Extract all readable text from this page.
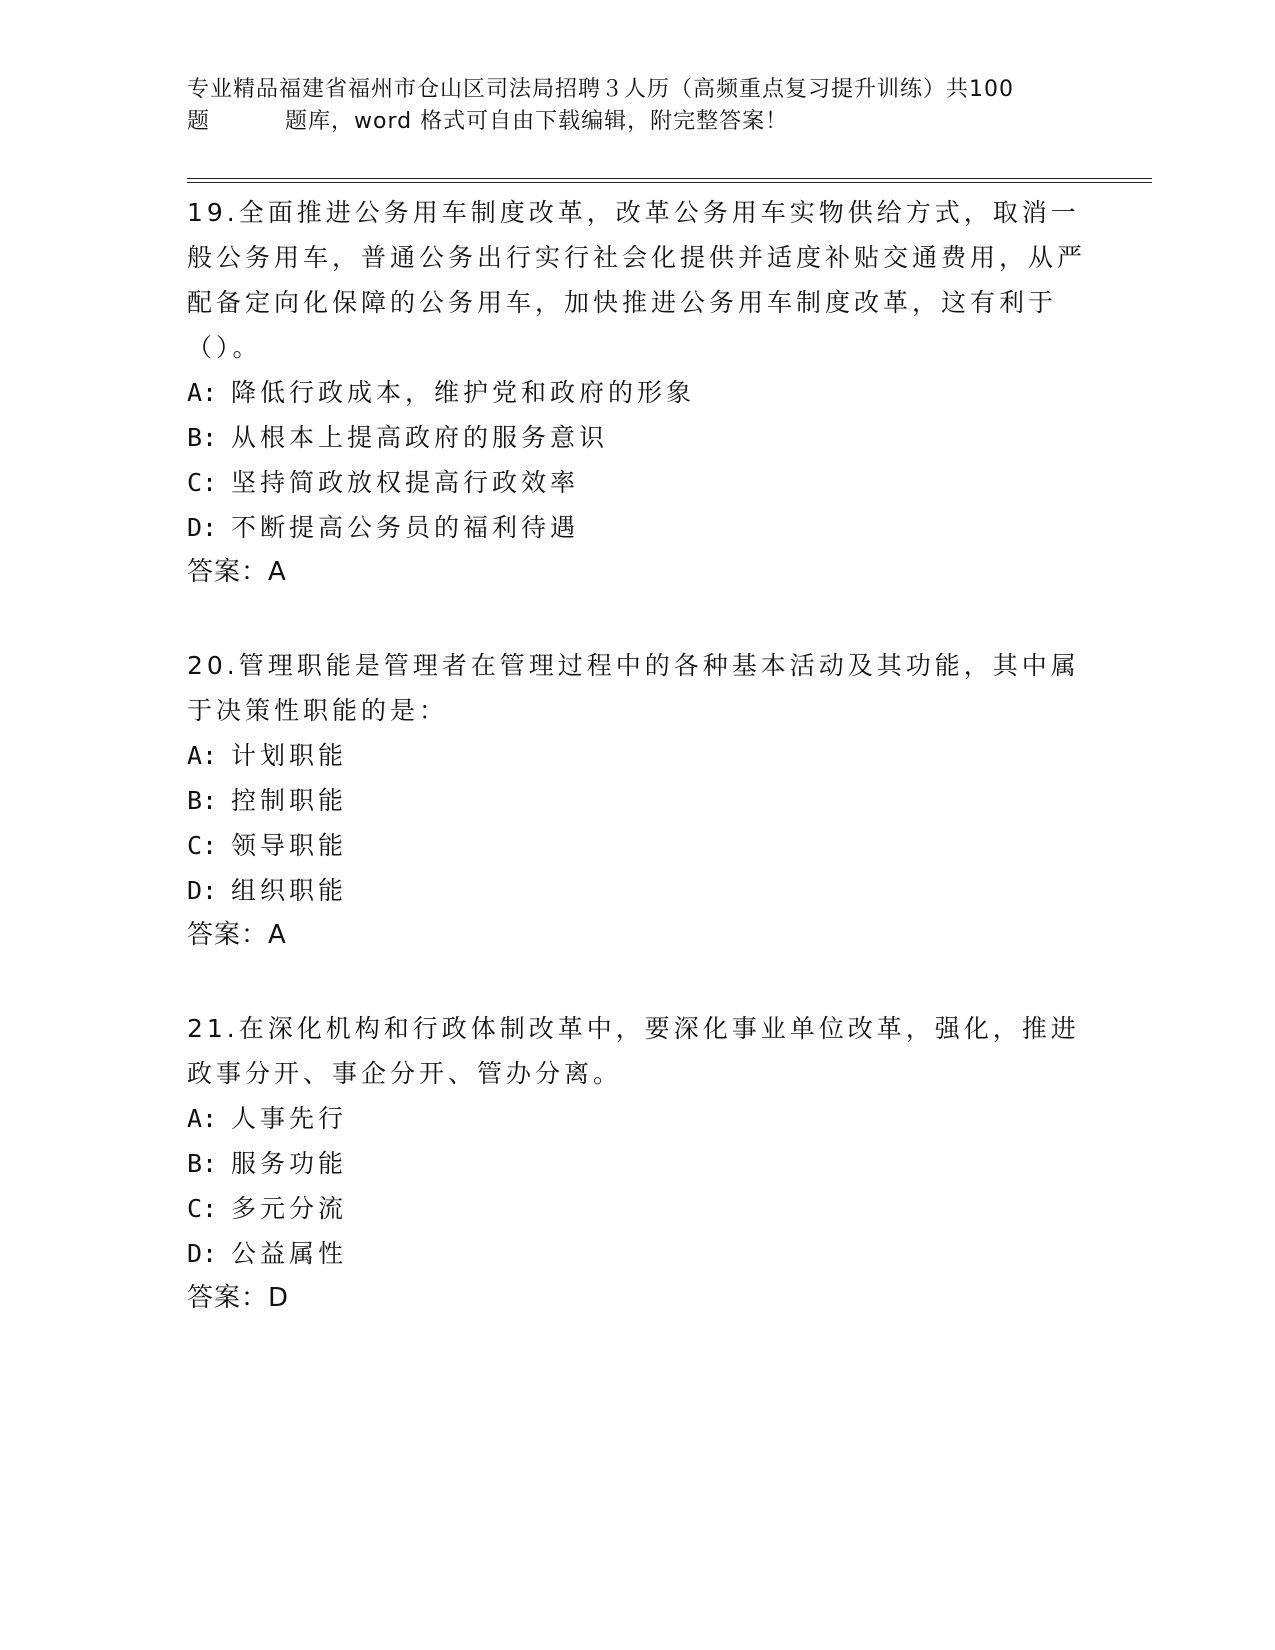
专业精品福建省福州市仓山区司法局招聘３人历（高频重点复习提升训练）共100
题	题库，word 格式可自由下载编辑，附完整答案！

19.全面推进公务用车制度改革，改革公务用车实物供给方式，取消一般公务用车，普通公务出行实行社会化提供并适度补贴交通费用，从严配备定向化保障的公务用车，加快推进公务用车制度改革，这有利于（）。

A: 降低行政成本，维护党和政府的形象

B: 从根本上提高政府的服务意识

C: 坚持简政放权提高行政效率

D: 不断提高公务员的福利待遇

答案：A

20.管理职能是管理者在管理过程中的各种基本活动及其功能，其中属于决策性职能的是：

A: 计划职能

B: 控制职能

C: 领导职能

D: 组织职能

答案：A

21.在深化机构和行政体制改革中，要深化事业单位改革，强化，推进政事分开、事企分开、管办分离。

A: 人事先行

B: 服务功能

C: 多元分流

D: 公益属性

答案：D
